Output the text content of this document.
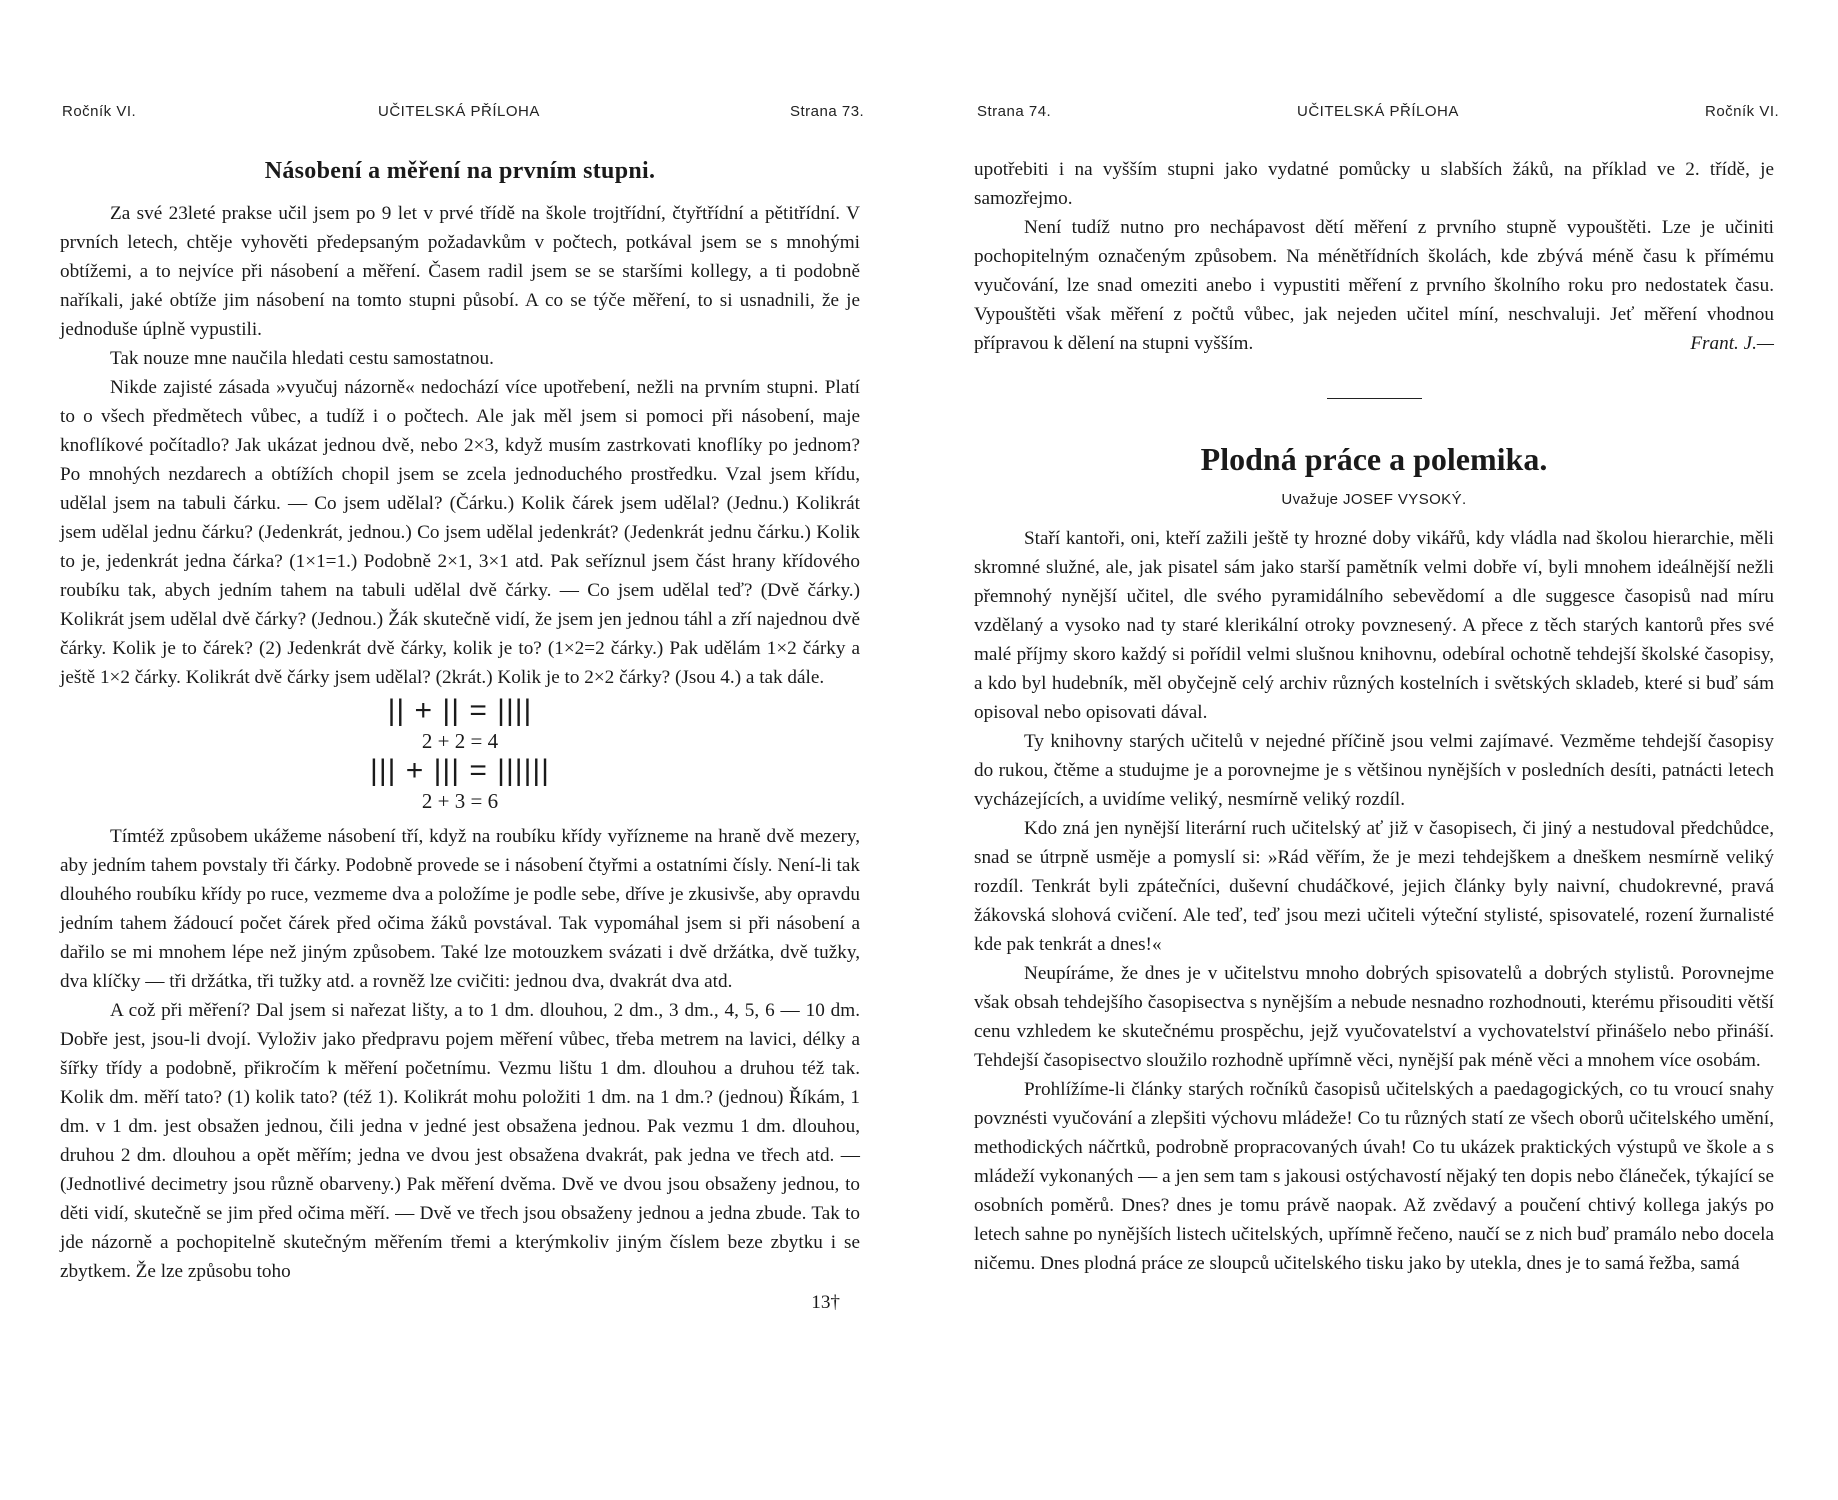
Ročník VI.	UČITELSKÁ PŘÍLOHA	Strana 73.
Násobení a měření na prvním stupni.

Za své 23leté prakse učil jsem po 9 let v prvé třídě na škole trojtřídní, čtyřtřídní a pětitřídní. V prvních letech, chtěje vyhověti předepsaným požadavkům v počtech, potkával jsem se s mnohými obtížemi, a to nejvíce při násobení a měření. Časem radil jsem se se staršími kollegy, a ti podobně naříkali, jaké obtíže jim násobení na tomto stupni působí. A co se týče měření, to si usnadnili, že je jednoduše úplně vypustili.

Tak nouze mne naučila hledati cestu samostatnou.

Nikde zajisté zásada »vyučuj názorně« nedochází více upotřebení, nežli na prvním stupni. Platí to o všech předmětech vůbec, a tudíž i o počtech. Ale jak měl jsem si pomoci při násobení, maje knoflíkové počítadlo? Jak ukázat jednou dvě, nebo 2×3, když musím zastrkovati knoflíky po jednom? Po mnohých nezdarech a obtížích chopil jsem se zcela jednoduchého prostředku. Vzal jsem křídu, udělal jsem na tabuli čárku. — Co jsem udělal? (Čárku.) Kolik čárek jsem udělal? (Jednu.) Kolikrát jsem udělal jednu čárku? (Jedenkrát, jednou.) Co jsem udělal jedenkrát? (Jedenkrát jednu čárku.) Kolik to je, jedenkrát jedna čárka? (1×1=1.) Podobně 2×1, 3×1 atd. Pak seříznul jsem část hrany křídového roubíku tak, abych jedním tahem na tabuli udělal dvě čárky. — Co jsem udělal teď? (Dvě čárky.) Kolikrát jsem udělal dvě čárky? (Jednou.) Žák skutečně vidí, že jsem jen jednou táhl a zří najednou dvě čárky. Kolik je to čárek? (2) Jedenkrát dvě čárky, kolik je to? (1×2=2 čárky.) Pak udělám 1×2 čárky a ještě 1×2 čárky. Kolikrát dvě čárky jsem udělal? (2krát.) Kolik je to 2×2 čárky? (Jsou 4.) a tak dále.

|| + || = ||||
2 + 2 = 4
||| + ||| = ||||||
2 + 3 = 6

Tímtéž způsobem ukážeme násobení tří, když na roubíku křídy vyřízneme na hraně dvě mezery, aby jedním tahem povstaly tři čárky. Podobně provede se i násobení čtyřmi a ostatními čísly. Není-li tak dlouhého roubíku křídy po ruce, vezmeme dva a položíme je podle sebe, dříve je zkusivše, aby opravdu jedním tahem žádoucí počet čárek před očima žáků povstával. Tak vypomáhal jsem si při násobení a dařilo se mi mnohem lépe než jiným způsobem. Také lze motouzkem svázati i dvě držátka, dvě tužky, dva klíčky — tři držátka, tři tužky atd. a rovněž lze cvičiti: jednou dva, dvakrát dva atd.

A což při měření? Dal jsem si nařezat lišty, a to 1 dm. dlouhou, 2 dm., 3 dm., 4, 5, 6 — 10 dm. Dobře jest, jsou-li dvojí. Vyloživ jako předpravu pojem měření vůbec, třeba metrem na lavici, délky a šířky třídy a podobně, přikročím k měření početnímu. Vezmu lištu 1 dm. dlouhou a druhou též tak. Kolik dm. měří tato? (1) kolik tato? (též 1). Kolikrát mohu položiti 1 dm. na 1 dm.? (jednou) Říkám, 1 dm. v 1 dm. jest obsažen jednou, čili jedna v jedné jest obsažena jednou. Pak vezmu 1 dm. dlouhou, druhou 2 dm. dlouhou a opět měřím; jedna ve dvou jest obsažena dvakrát, pak jedna ve třech atd. — (Jednotlivé decimetry jsou různě obarveny.) Pak měření dvěma. Dvě ve dvou jsou obsaženy jednou, to děti vidí, skutečně se jim před očima měří. — Dvě ve třech jsou obsaženy jednou a jedna zbude. Tak to jde názorně a pochopitelně skutečným měřením třemi a kterýmkoliv jiným číslem beze zbytku i se zbytkem. Že lze způsobu toho

13†
Strana 74.	UČITELSKÁ PŘÍLOHA	Ročník VI.

upotřebiti i na vyšším stupni jako vydatné pomůcky u slabších žáků, na příklad ve 2. třídě, je samozřejmo.

Není tudíž nutno pro nechápavost dětí měření z prvního stupně vypouštěti. Lze je učiniti pochopitelným označeným způsobem. Na ménětřídních školách, kde zbývá méně času k přímému vyučování, lze snad omeziti anebo i vypustiti měření z prvního školního roku pro nedostatek času. Vypouštěti však měření z počtů vůbec, jak nejeden učitel míní, neschvaluji. Jeť měření vhodnou přípravou k dělení na stupni vyšším.	Frant. J.—
Plodná práce a polemika.
Uvažuje JOSEF VYSOKÝ.

Staří kantoři, oni, kteří zažili ještě ty hrozné doby vikářů, kdy vládla nad školou hierarchie, měli skromné služné, ale, jak pisatel sám jako starší pamětník velmi dobře ví, byli mnohem ideálnější nežli přemnohý nynější učitel, dle svého pyramidálního sebevědomí a dle suggesce časopisů nad míru vzdělaný a vysoko nad ty staré klerikální otroky povznesený. A přece z těch starých kantorů přes své malé příjmy skoro každý si pořídil velmi slušnou knihovnu, odebíral ochotně tehdejší školské časopisy, a kdo byl hudebník, měl obyčejně celý archiv různých kostelních i světských skladeb, které si buď sám opisoval nebo opisovati dával.

Ty knihovny starých učitelů v nejedné příčině jsou velmi zajímavé. Vezměme tehdejší časopisy do rukou, čtěme a studujme je a porovnejme je s většinou nynějších v posledních desíti, patnácti letech vycházejících, a uvidíme veliký, nesmírně veliký rozdíl.

Kdo zná jen nynější literární ruch učitelský ať již v časopisech, či jiný a nestudoval předchůdce, snad se útrpně usměje a pomyslí si: »Rád věřím, že je mezi tehdejškem a dneškem nesmírně veliký rozdíl. Tenkrát byli zpátečníci, duševní chudáčkové, jejich články byly naivní, chudokrevné, pravá žákovská slohová cvičení. Ale teď, teď jsou mezi učiteli výteční stylisté, spisovatelé, rození žurnalisté kde pak tenkrát a dnes!«

Neupíráme, že dnes je v učitelstvu mnoho dobrých spisovatelů a dobrých stylistů. Porovnejme však obsah tehdejšího časopisectva s nynějším a nebude nesnadno rozhodnouti, kterému přisouditi větší cenu vzhledem ke skutečnému prospěchu, jejž vyučovatelství a vychovatelství přinášelo nebo přináší. Tehdejší časopisectvo sloužilo rozhodně upřímně věci, nynější pak méně věci a mnohem více osobám.

Prohlížíme-li články starých ročníků časopisů učitelských a paedagogických, co tu vroucí snahy povznésti vyučování a zlepšiti výchovu mládeže! Co tu různých statí ze všech oborů učitelského umění, methodických náčrtků, podrobně propracovaných úvah! Co tu ukázek praktických výstupů ve škole a s mládeží vykonaných — a jen sem tam s jakousi ostýchavostí nějaký ten dopis nebo článeček, týkající se osobních poměrů. Dnes? dnes je tomu právě naopak. Až zvědavý a poučení chtivý kollega jakýs po letech sahne po nynějších listech učitelských, upřímně řečeno, naučí se z nich buď pramálo nebo docela ničemu. Dnes plodná práce ze sloupců učitelského tisku jako by utekla, dnes je to samá řežba, samá
